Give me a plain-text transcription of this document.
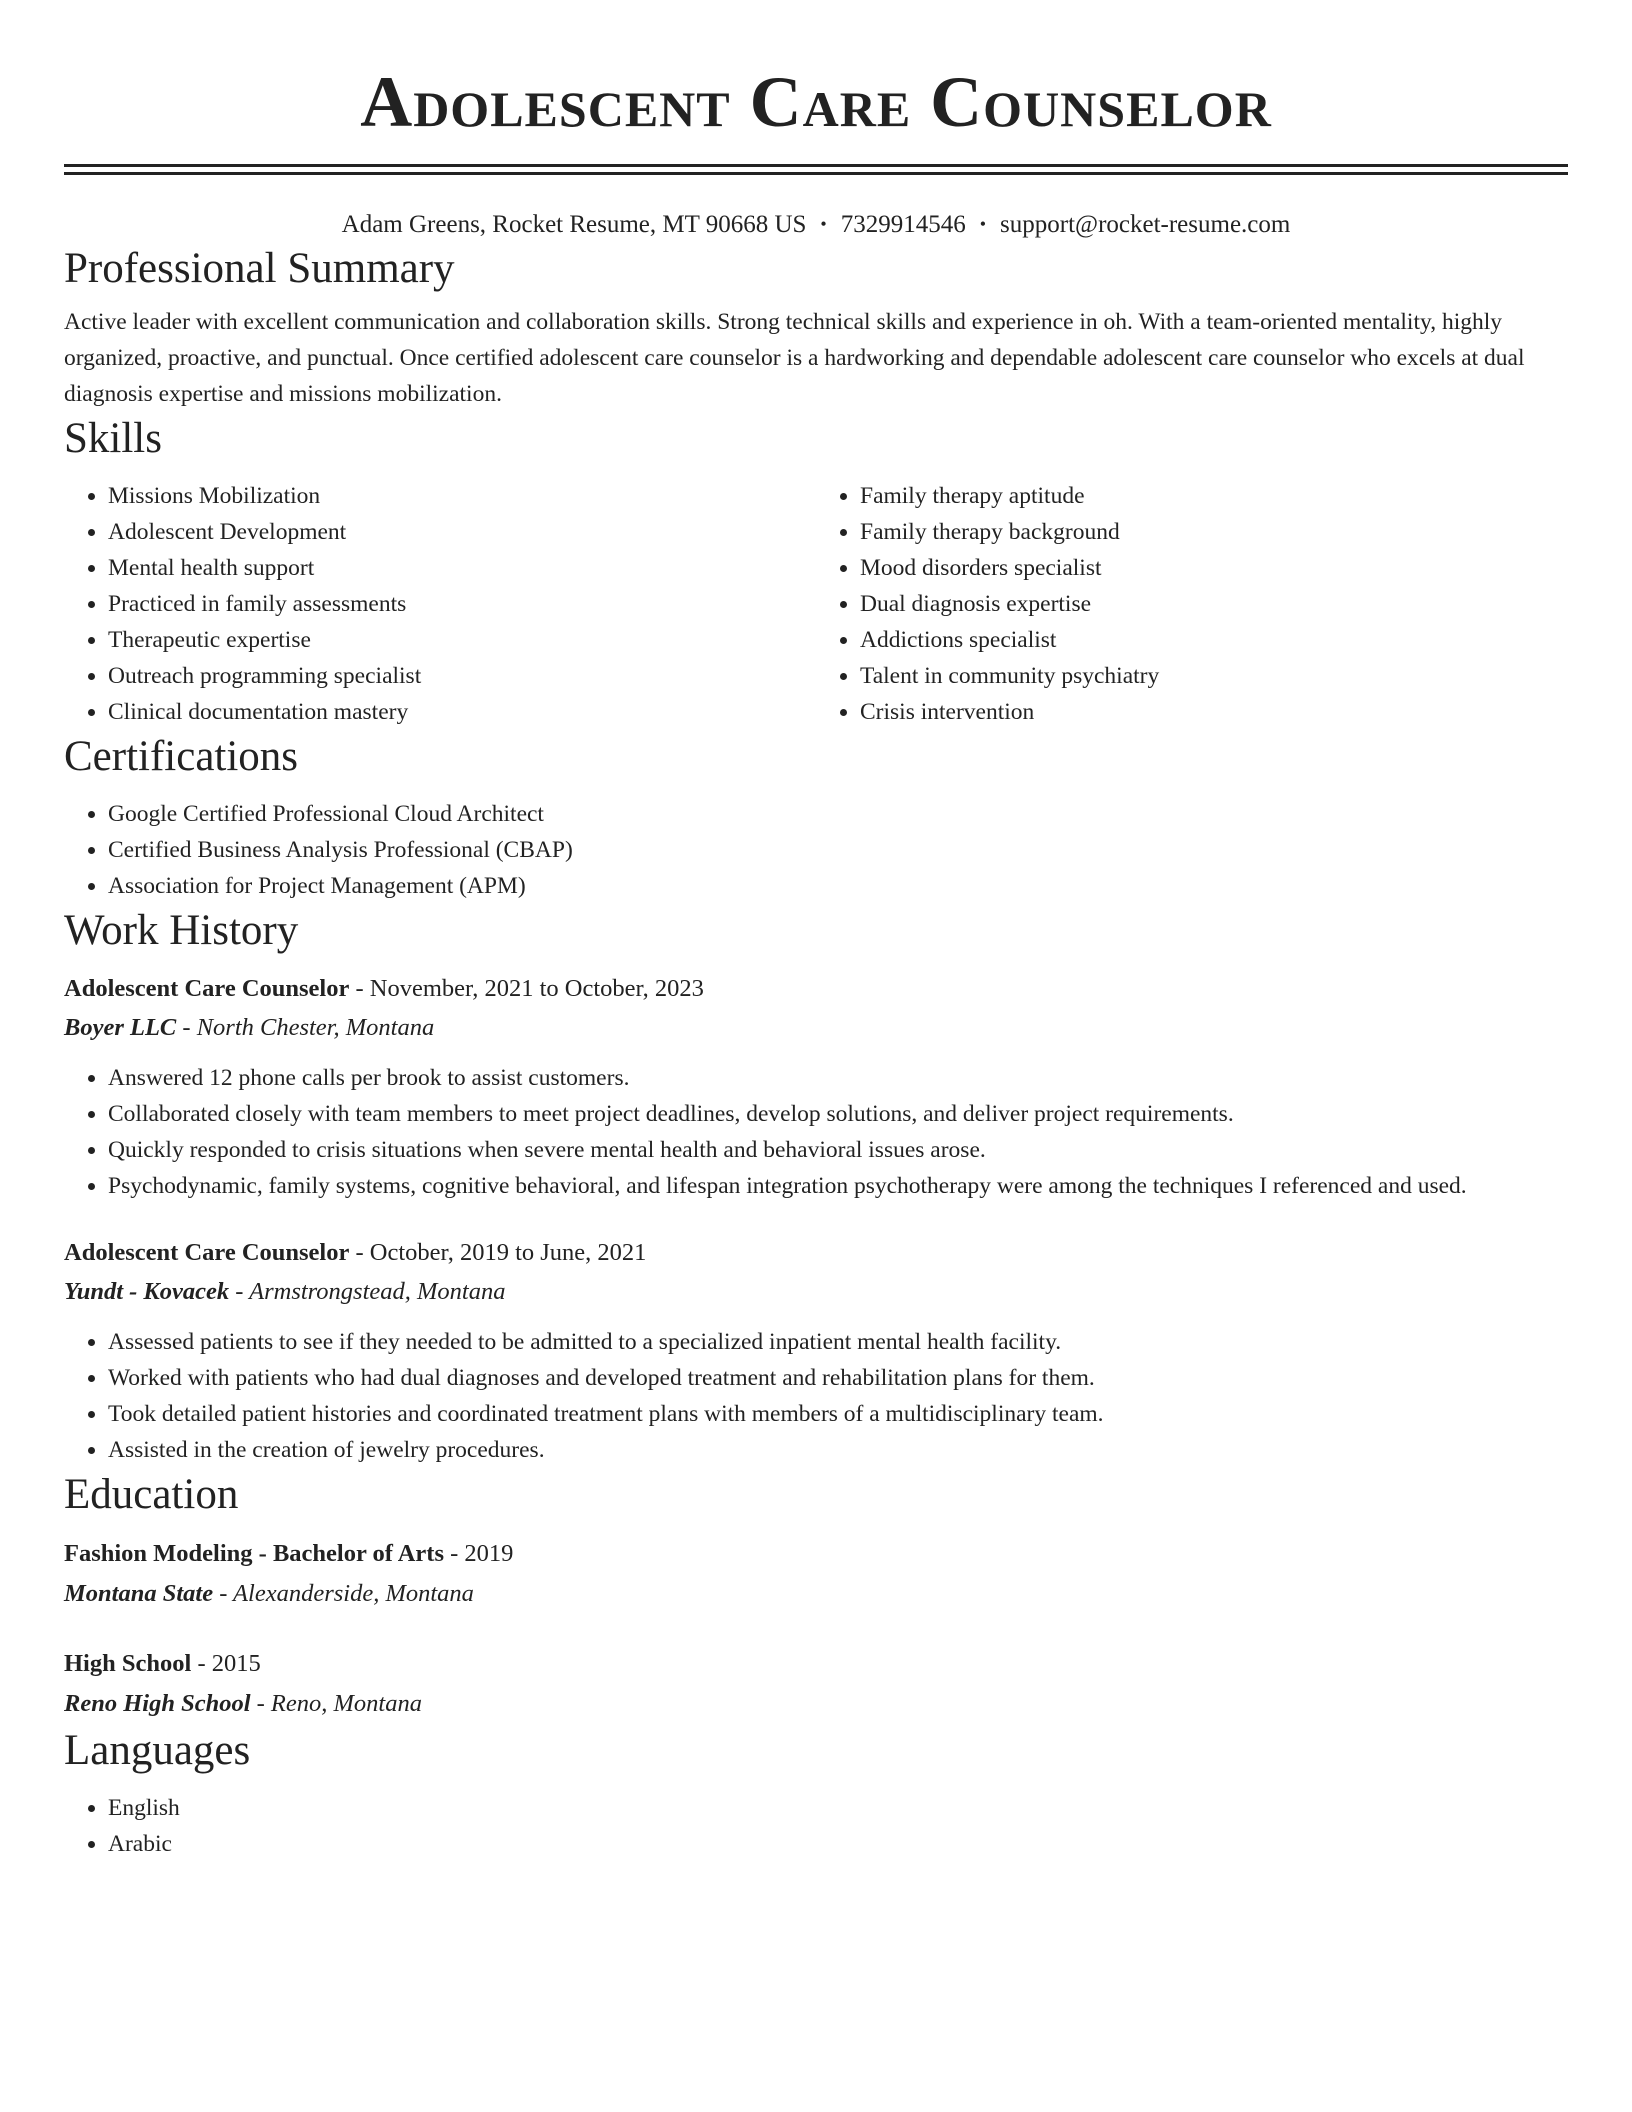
Adolescent Care Counselor
Adam Greens, Rocket Resume, MT 90668 US • 7329914546 • support@rocket-resume.com
Professional Summary

Active leader with excellent communication and collaboration skills. Strong technical skills and experience in oh. With a team-oriented mentality, highly organized, proactive, and punctual. Once certified adolescent care counselor is a hardworking and dependable adolescent care counselor who excels at dual diagnosis expertise and missions mobilization.

Skills
• Missions Mobilization
• Adolescent Development
• Mental health support
• Practiced in family assessments
• Therapeutic expertise
• Outreach programming specialist
• Clinical documentation mastery
• Family therapy aptitude
• Family therapy background
• Mood disorders specialist
• Dual diagnosis expertise
• Addictions specialist
• Talent in community psychiatry
• Crisis intervention
Certifications
• Google Certified Professional Cloud Architect
• Certified Business Analysis Professional (CBAP)
• Association for Project Management (APM)
Work History
Adolescent Care Counselor - November, 2021 to October, 2023
Boyer LLC - North Chester, Montana
• Answered 12 phone calls per brook to assist customers.
• Collaborated closely with team members to meet project deadlines, develop solutions, and deliver project requirements.
• Quickly responded to crisis situations when severe mental health and behavioral issues arose.
• Psychodynamic, family systems, cognitive behavioral, and lifespan integration psychotherapy were among the techniques I referenced and used.
Adolescent Care Counselor - October, 2019 to June, 2021
Yundt - Kovacek - Armstrongstead, Montana
• Assessed patients to see if they needed to be admitted to a specialized inpatient mental health facility.
• Worked with patients who had dual diagnoses and developed treatment and rehabilitation plans for them.
• Took detailed patient histories and coordinated treatment plans with members of a multidisciplinary team.
• Assisted in the creation of jewelry procedures.
Education
Fashion Modeling - Bachelor of Arts - 2019
Montana State - Alexanderside, Montana
High School - 2015
Reno High School - Reno, Montana
Languages
• English
• Arabic
